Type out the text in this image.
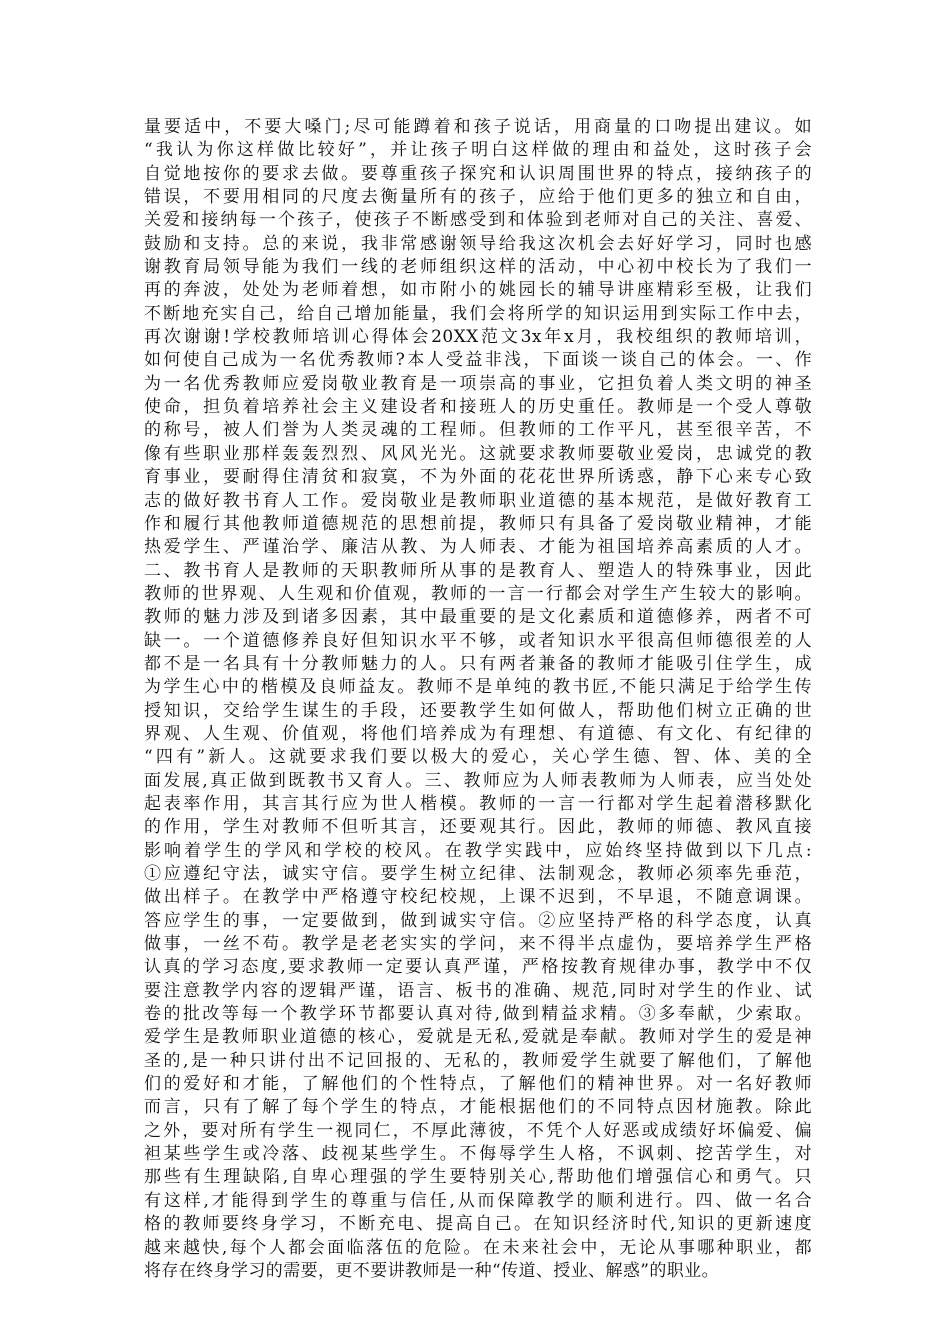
量要适中，不要大嗓门;尽可能蹲着和孩子说话，用商量的口吻提出建议。如
“我认为你这样做比较好”，并让孩子明白这样做的理由和益处，这时孩子会
自觉地按你的要求去做。要尊重孩子探究和认识周围世界的特点，接纳孩子的
错误，不要用相同的尺度去衡量所有的孩子，应给于他们更多的独立和自由，
关爱和接纳每一个孩子，使孩子不断感受到和体验到老师对自己的关注、喜爱、
鼓励和支持。总的来说，我非常感谢领导给我这次机会去好好学习，同时也感
谢教育局领导能为我们一线的老师组织这样的活动，中心初中校长为了我们一
再的奔波，处处为老师着想，如市附小的姚园长的辅导讲座精彩至极，让我们
不断地充实自己，给自己增加能量，我们会将所学的知识运用到实际工作中去，
再次谢谢!学校教师培训心得体会20XX范文3x年x月，我校组织的教师培训，
如何使自己成为一名优秀教师?本人受益非浅，下面谈一谈自己的体会。一、作
为一名优秀教师应爱岗敬业教育是一项崇高的事业，它担负着人类文明的神圣
使命，担负着培养社会主义建设者和接班人的历史重任。教师是一个受人尊敬
的称号，被人们誉为人类灵魂的工程师。但教师的工作平凡，甚至很辛苦，不
像有些职业那样轰轰烈烈、风风光光。这就要求教师要敬业爱岗，忠诚党的教
育事业，要耐得住清贫和寂寞，不为外面的花花世界所诱惑，静下心来专心致
志的做好教书育人工作。爱岗敬业是教师职业道德的基本规范，是做好教育工
作和履行其他教师道德规范的思想前提，教师只有具备了爱岗敬业精神，才能
热爱学生、严谨治学、廉洁从教、为人师表、才能为祖国培养高素质的人才。
二、教书育人是教师的天职教师所从事的是教育人、塑造人的特殊事业，因此
教师的世界观、人生观和价值观，教师的一言一行都会对学生产生较大的影响。
教师的魅力涉及到诸多因素，其中最重要的是文化素质和道德修养，两者不可
缺一。一个道德修养良好但知识水平不够，或者知识水平很高但师德很差的人
都不是一名具有十分教师魅力的人。只有两者兼备的教师才能吸引住学生，成
为学生心中的楷模及良师益友。教师不是单纯的教书匠,不能只满足于给学生传
授知识，交给学生谋生的手段，还要教学生如何做人，帮助他们树立正确的世
界观、人生观、价值观，将他们培养成为有理想、有道德、有文化、有纪律的
“四有”新人。这就要求我们要以极大的爱心，关心学生德、智、体、美的全
面发展,真正做到既教书又育人。三、教师应为人师表教师为人师表，应当处处
起表率作用，其言其行应为世人楷模。教师的一言一行都对学生起着潜移默化
的作用，学生对教师不但听其言，还要观其行。因此，教师的师德、教风直接
影响着学生的学风和学校的校风。在教学实践中，应始终坚持做到以下几点:
①应遵纪守法，诚实守信。要学生树立纪律、法制观念，教师必须率先垂范，
做出样子。在教学中严格遵守校纪校规，上课不迟到，不早退，不随意调课。
答应学生的事，一定要做到，做到诚实守信。②应坚持严格的科学态度，认真
做事，一丝不苟。教学是老老实实的学问，来不得半点虚伪，要培养学生严格
认真的学习态度,要求教师一定要认真严谨，严格按教育规律办事，教学中不仅
要注意教学内容的逻辑严谨，语言、板书的准确、规范,同时对学生的作业、试
卷的批改等每一个教学环节都要认真对待,做到精益求精。③多奉献，少索取。
爱学生是教师职业道德的核心，爱就是无私,爱就是奉献。教师对学生的爱是神
圣的,是一种只讲付出不记回报的、无私的，教师爱学生就要了解他们，了解他
们的爱好和才能，了解他们的个性特点，了解他们的精神世界。对一名好教师
而言，只有了解了每个学生的特点，才能根据他们的不同特点因材施教。除此
之外，要对所有学生一视同仁，不厚此薄彼，不凭个人好恶或成绩好坏偏爱、偏
袒某些学生或冷落、歧视某些学生。不侮辱学生人格，不讽刺、挖苦学生，对
那些有生理缺陷,自卑心理强的学生要特别关心,帮助他们增强信心和勇气。只
有这样,才能得到学生的尊重与信任,从而保障教学的顺利进行。四、做一名合
格的教师要终身学习，不断充电、提高自己。在知识经济时代,知识的更新速度
越来越快,每个人都会面临落伍的危险。在未来社会中，无论从事哪种职业，都
将存在终身学习的需要，更不要讲教师是一种“传道、授业、解惑”的职业。
